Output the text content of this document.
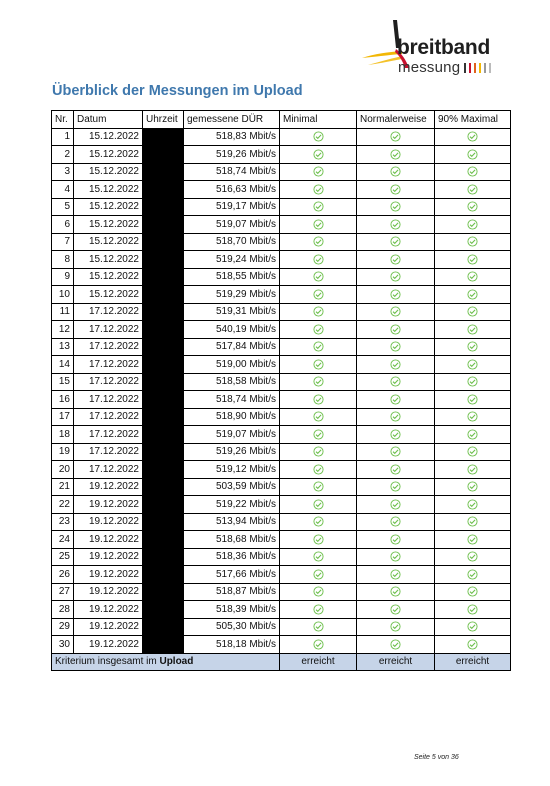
breitband
messung
Überblick der Messungen im Upload
Nr.	Datum	Uhrzeit	gemessene DÜR	Minimal	Normalerweise	90% Maximal
1	15.12.2022		518,83 Mbit/s			
2	15.12.2022		519,26 Mbit/s			
3	15.12.2022		518,74 Mbit/s			
4	15.12.2022		516,63 Mbit/s			
5	15.12.2022		519,17 Mbit/s			
6	15.12.2022		519,07 Mbit/s			
7	15.12.2022		518,70 Mbit/s			
8	15.12.2022		519,24 Mbit/s			
9	15.12.2022		518,55 Mbit/s			
10	15.12.2022		519,29 Mbit/s			
11	17.12.2022		519,31 Mbit/s			
12	17.12.2022		540,19 Mbit/s			
13	17.12.2022		517,84 Mbit/s			
14	17.12.2022		519,00 Mbit/s			
15	17.12.2022		518,58 Mbit/s			
16	17.12.2022		518,74 Mbit/s			
17	17.12.2022		518,90 Mbit/s			
18	17.12.2022		519,07 Mbit/s			
19	17.12.2022		519,26 Mbit/s			
20	17.12.2022		519,12 Mbit/s			
21	19.12.2022		503,59 Mbit/s			
22	19.12.2022		519,22 Mbit/s			
23	19.12.2022		513,94 Mbit/s			
24	19.12.2022		518,68 Mbit/s			
25	19.12.2022		518,36 Mbit/s			
26	19.12.2022		517,66 Mbit/s			
27	19.12.2022		518,87 Mbit/s			
28	19.12.2022		518,39 Mbit/s			
29	19.12.2022		505,30 Mbit/s			
30	19.12.2022		518,18 Mbit/s			
Kriterium insgesamt im Upload				erreicht	erreicht	erreicht
Seite 5 von 36
